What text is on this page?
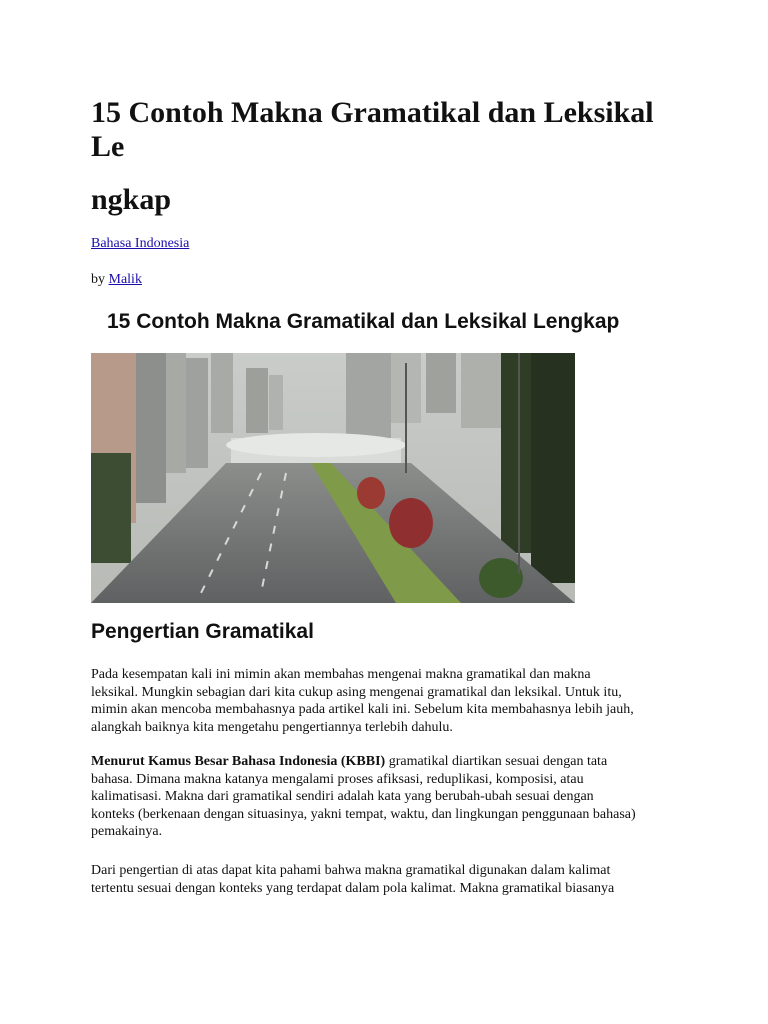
15 Contoh Makna Gramatikal dan Leksikal Le
ngkap
Bahasa Indonesia
by Malik
15 Contoh Makna Gramatikal dan Leksikal Lengkap
Pengertian Gramatikal

Pada kesempatan kali ini mimin akan membahas mengenai makna gramatikal dan makna
leksikal. Mungkin sebagian dari kita cukup asing mengenai gramatikal dan leksikal. Untuk itu,
mimin akan mencoba membahasnya pada artikel kali ini. Sebelum kita membahasnya lebih jauh,
alangkah baiknya kita mengetahu pengertiannya terlebih dahulu.

Menurut Kamus Besar Bahasa Indonesia (KBBI) gramatikal diartikan sesuai dengan tata
bahasa. Dimana makna katanya mengalami proses afiksasi, reduplikasi, komposisi, atau
kalimatisasi. Makna dari gramatikal sendiri adalah kata yang berubah-ubah sesuai dengan
konteks (berkenaan dengan situasinya, yakni tempat, waktu, dan lingkungan penggunaan bahasa)
pemakainya.

Dari pengertian di atas dapat kita pahami bahwa makna gramatikal digunakan dalam kalimat
tertentu sesuai dengan konteks yang terdapat dalam pola kalimat. Makna gramatikal biasanya
